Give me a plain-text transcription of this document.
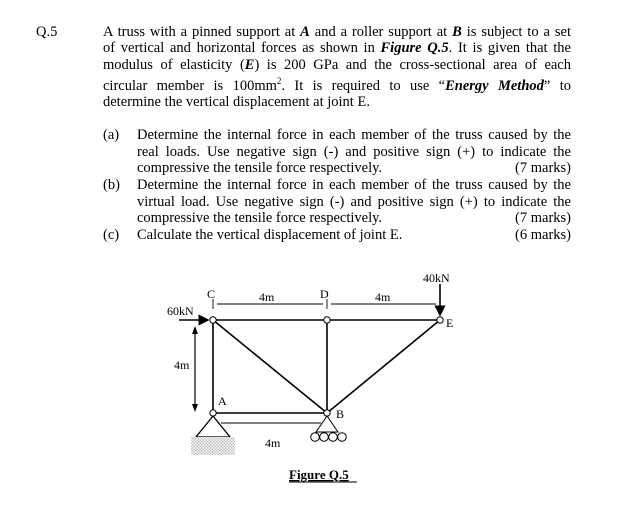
Q.5	A truss with a pinned support at A and a roller support at B is subject to a set
of vertical and horizontal forces as shown in Figure Q.5. It is given that the
modulus of elasticity (E) is 200 GPa and the cross-sectional area of each
circular member is $100mm^2$. It is required to use “Energy Method” to
determine the vertical displacement at joint E.
(a) Determine the internal force in each member of the truss caused by the
real loads. Use negative sign (-) and positive sign (+) to indicate the
compressive the tensile force respectively.	(7 marks)
(b) Determine the internal force in each member of the truss caused by the
virtual load. Use negative sign (-) and positive sign (+) to indicate the
compressive the tensile force respectively.	(7 marks)
(c) Calculate the vertical displacement of joint E.	(6 marks)
C	D
E
A
B
60kN
40kN
4m	4m
4m
4m
Figure Q.5
